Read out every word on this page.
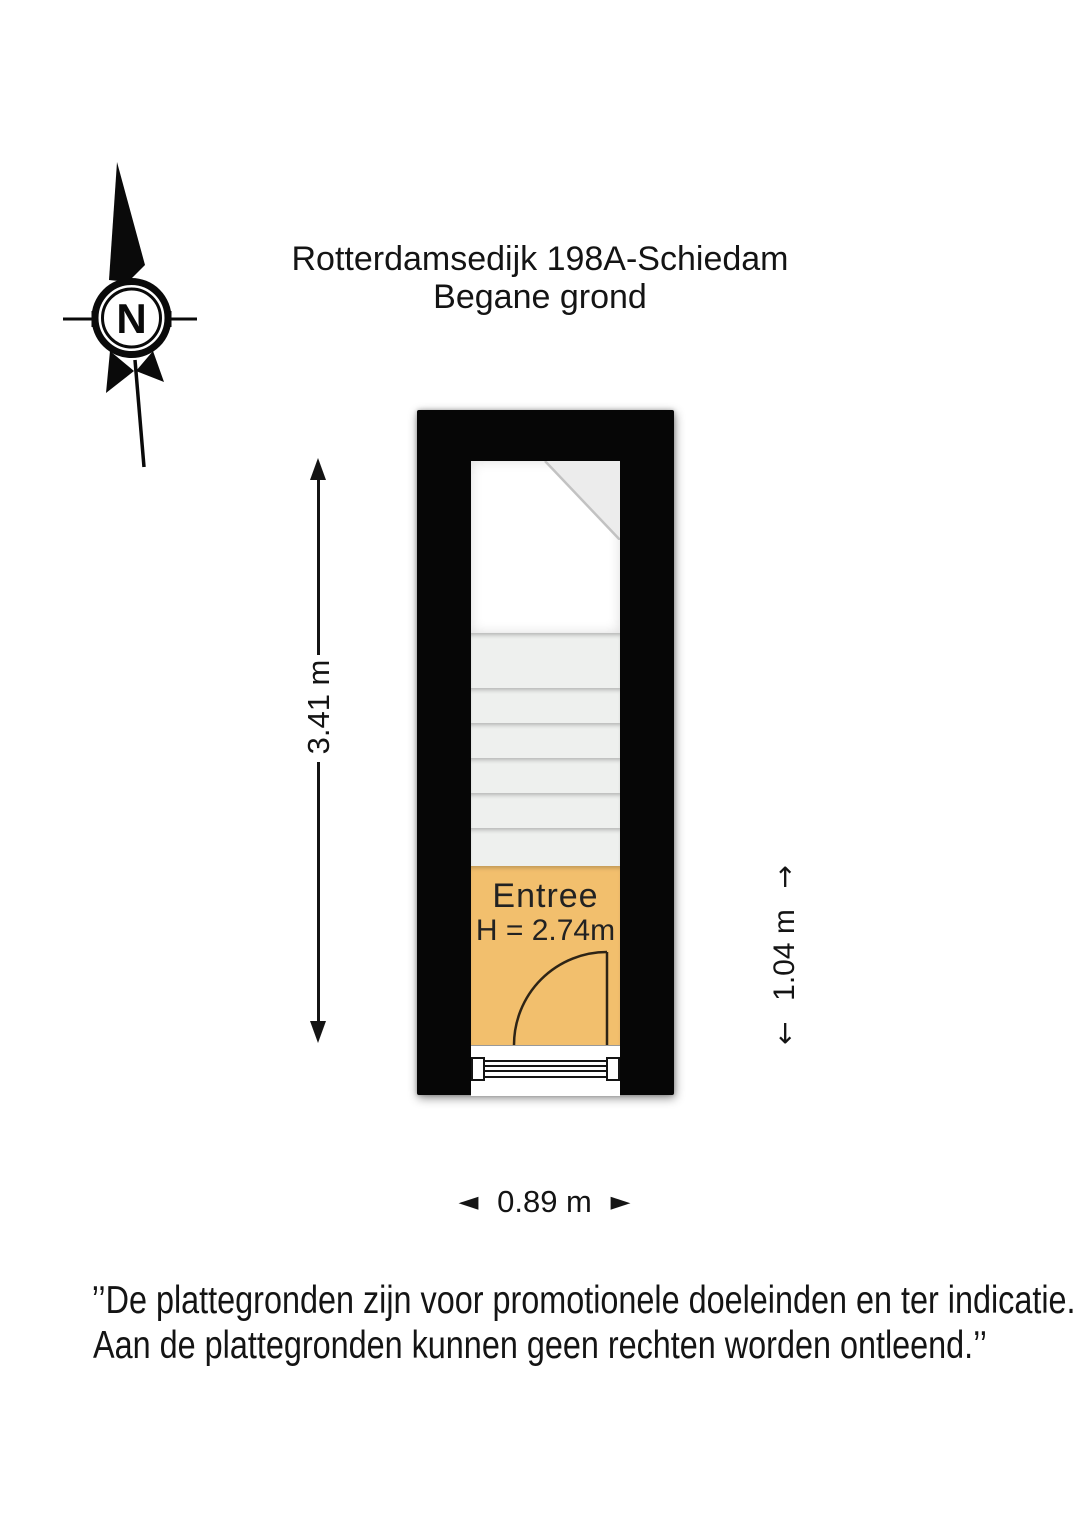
N
Rotterdamsedijk 198A-Schiedam
Begane grond
Entree
H = 2.74m
3.41 m
←
1.04 m
→
◄ 0.89 m ►
’’De plattegronden zijn voor promotionele doeleinden en ter indicatie.
Aan de plattegronden kunnen geen rechten worden ontleend.’’
